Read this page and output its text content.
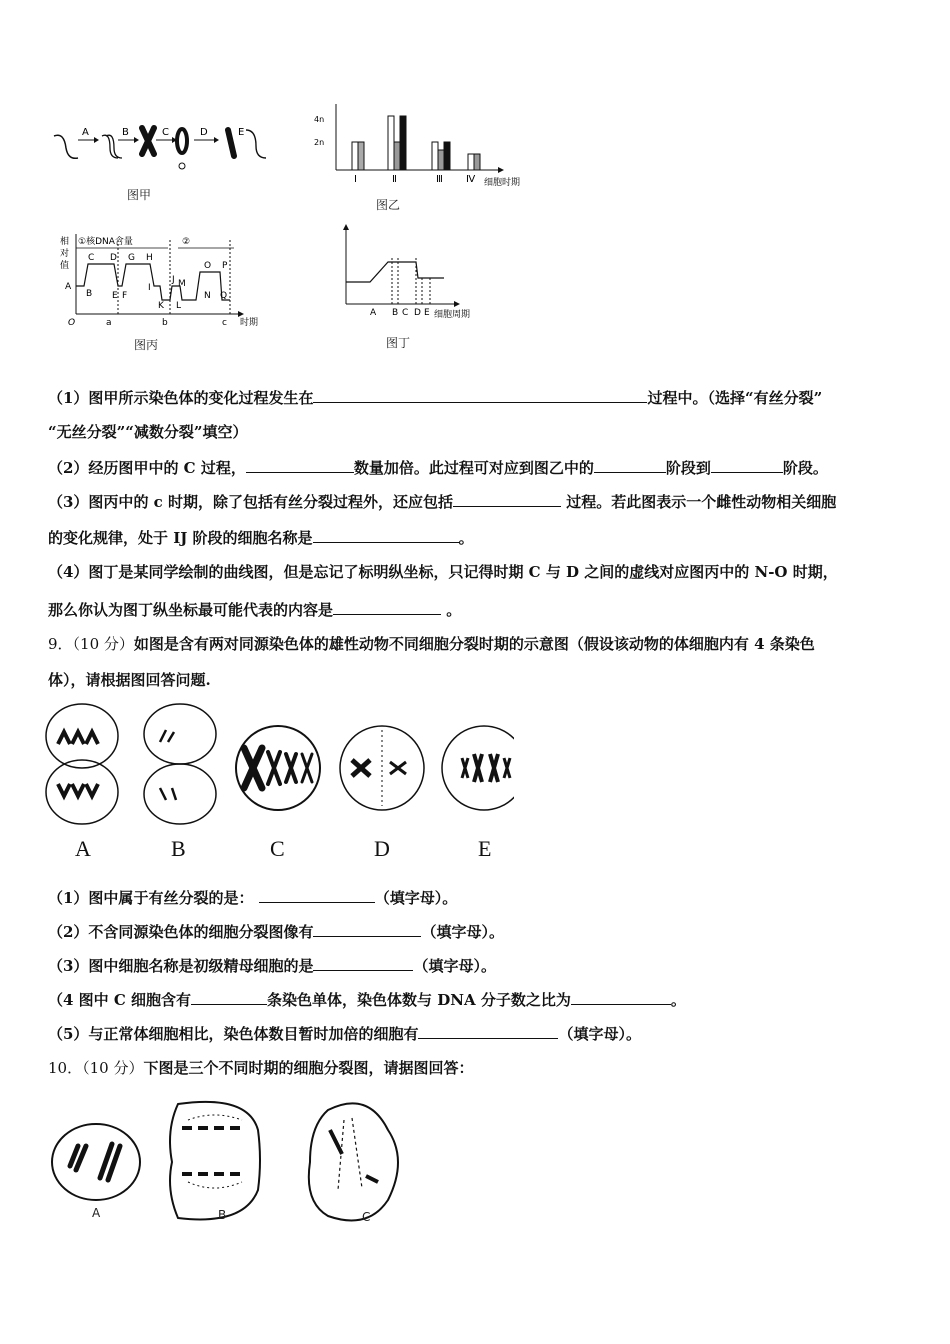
A	B	C	D	E
图甲
4n
2n
Ⅰ	Ⅱ	Ⅲ Ⅳ 细胞时期
图乙
相
对
值
①核DNA含量	②
C D G H
O P
A
B E F
I
J M
K L
N Q
O	a	b	c 时期
图丙
A B C D E 细胞周期
图丁
（1）图甲所示染色体的变化过程发生在	过程中。（选择“有丝分裂”
“无丝分裂”“减数分裂”填空）
（2）经历图甲中的 C 过程，	数量加倍。此过程可对应到图乙中的	阶段到	阶段。
（3）图丙中的 c 时期，除了包括有丝分裂过程外，还应包括	过程。若此图表示一个雌性动物相关细胞
的变化规律，处于 IJ 阶段的细胞名称是	。
（4）图丁是某同学绘制的曲线图，但是忘记了标明纵坐标，只记得时期 C 与 D 之间的虚线对应图丙中的 N-O 时期，
那么你认为图丁纵坐标最可能代表的内容是	。
9．（10 分）如图是含有两对同源染色体的雄性动物不同细胞分裂时期的示意图（假设该动物的体细胞内有 4 条染色
体），请根据图回答问题.
A	B	C	D	E
（1）图中属于有丝分裂的是：	（填字母）。
（2）不含同源染色体的细胞分裂图像有	（填字母）。
（3）图中细胞名称是初级精母细胞的是	（填字母）。
（4 图中 C 细胞含有	条染色单体，染色体数与 DNA 分子数之比为	。
（5）与正常体细胞相比，染色体数目暂时加倍的细胞有	（填字母）。
10．（10 分）下图是三个不同时期的细胞分裂图，请据图回答：
A	B	C
